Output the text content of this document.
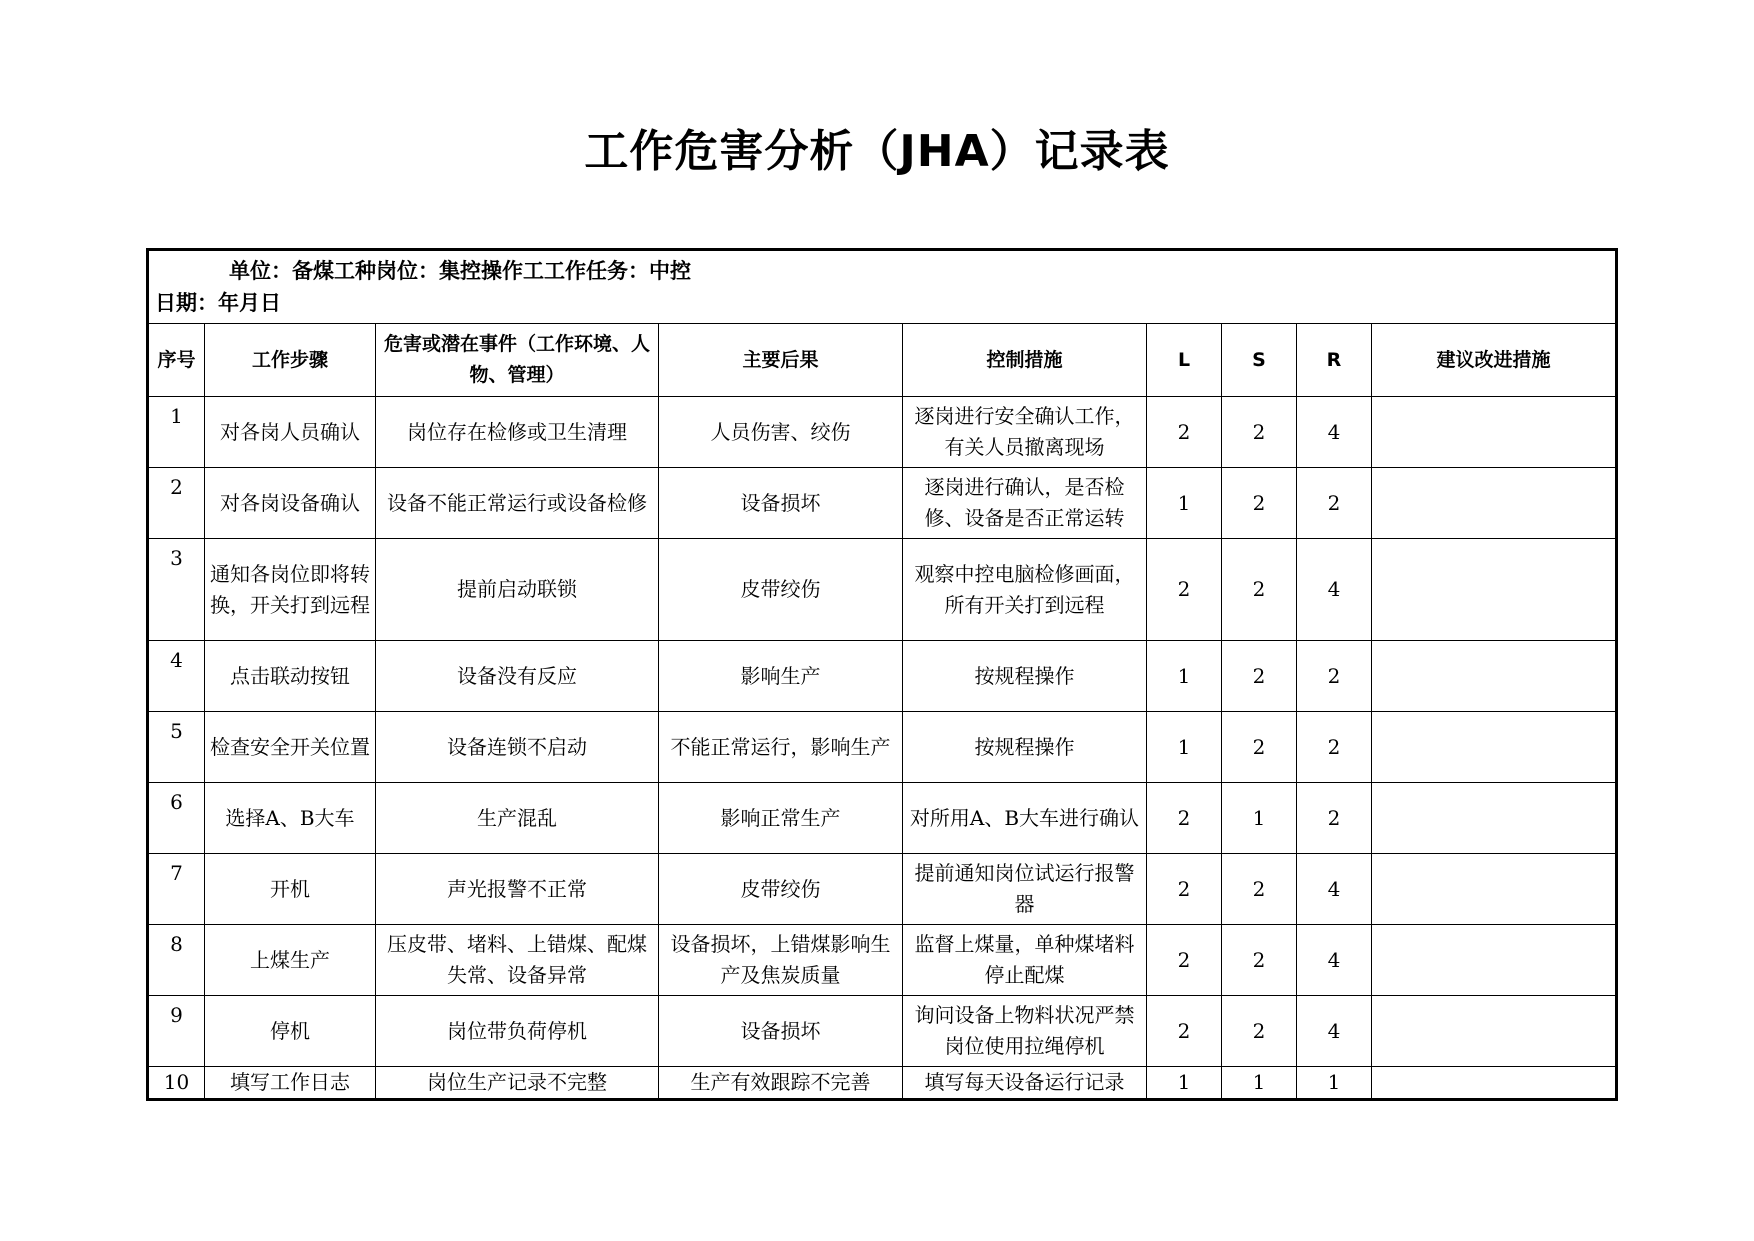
工作危害分析（JHA）记录表
单位：备煤工种岗位：集控操作工工作任务：中控
日期：年月日								

序号	工作步骤	危害或潜在事件（工作环境、人物、管理）	主要后果	控制措施	L	S	R	建议改进措施
1	对各岗人员确认	岗位存在检修或卫生清理	人员伤害、绞伤	逐岗进行安全确认工作，有关人员撤离现场	2	2	4	
2	对各岗设备确认	设备不能正常运行或设备检修	设备损坏	逐岗进行确认，是否检修、设备是否正常运转	1	2	2	
3	通知各岗位即将转换，开关打到远程	提前启动联锁	皮带绞伤	观察中控电脑检修画面，所有开关打到远程	2	2	4	
4	点击联动按钮	设备没有反应	影响生产	按规程操作	1	2	2	
5	检查安全开关位置	设备连锁不启动	不能正常运行，影响生产	按规程操作	1	2	2	
6	选择A、B大车	生产混乱	影响正常生产	对所用A、B大车进行确认	2	1	2	
7	开机	声光报警不正常	皮带绞伤	提前通知岗位试运行报警器	2	2	4	
8	上煤生产	压皮带、堵料、上错煤、配煤失常、设备异常	设备损坏，上错煤影响生产及焦炭质量	监督上煤量，单种煤堵料停止配煤	2	2	4	
9	停机	岗位带负荷停机	设备损坏	询问设备上物料状况严禁岗位使用拉绳停机	2	2	4	
10	填写工作日志	岗位生产记录不完整	生产有效跟踪不完善	填写每天设备运行记录	1	1	1	
